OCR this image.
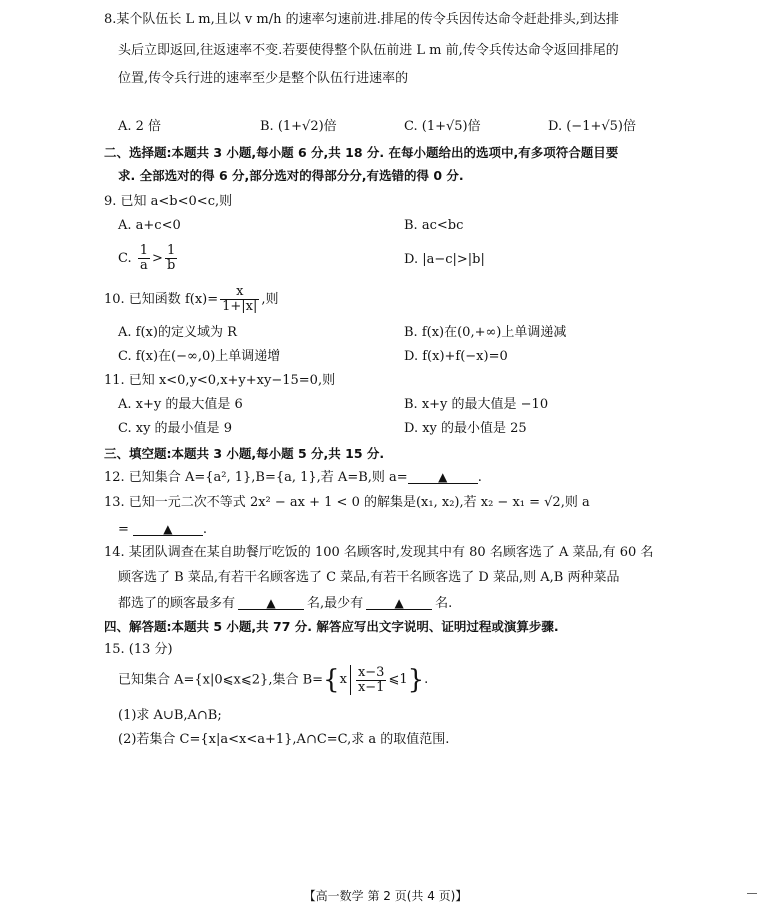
8.某个队伍长 L m,且以 v m/h 的速率匀速前进.排尾的传令兵因传达命令赶赴排头,到达排
头后立即返回,往返速率不变.若要使得整个队伍前进 L m 前,传令兵传达命令返回排尾的
位置,传令兵行进的速率至少是整个队伍行进速率的
A. 2 倍	B. (1+√2)倍	C. (1+√5)倍	D. (−1+√5)倍
二、选择题:本题共 3 小题,每小题 6 分,共 18 分. 在每小题给出的选项中,有多项符合题目要
求. 全部选对的得 6 分,部分选对的得部分分,有选错的得 0 分.
9. 已知 a<b<0<c,则
A. a+c<0	B. ac<bc
C. $\frac{1}{a} > \frac{1}{b}$	D. |a−c|>|b|
10. 已知函数 $f(x)= \frac{x}{1+|x|}$ ,则
A. f(x)的定义域为 R	B. f(x)在(0,+∞)上单调递减
C. f(x)在(−∞,0)上单调递增	D. f(x)+f(−x)=0
11. 已知 x<0,y<0,x+y+xy−15=0,则
A. x+y 的最大值是 6	B. x+y 的最大值是 −10
C. xy 的最小值是 9	D. xy 的最小值是 25
三、填空题:本题共 3 小题,每小题 5 分,共 15 分.
12. 已知集合 A={a², 1},B={a, 1},若 A=B,则 a=	▲ .
13. 已知一元二次不等式 2x² − ax + 1 < 0 的解集是(x₁, x₂),若 x₂ − x₁ = √2,则 a
=	▲ .
14. 某团队调查在某自助餐厅吃饭的 100 名顾客时,发现其中有 80 名顾客选了 A 菜品,有 60 名
顾客选了 B 菜品,有若干名顾客选了 C 菜品,有若干名顾客选了 D 菜品,则 A,B 两种菜品
都选了的顾客最多有	▲ 名,最少有	▲ 名.
四、解答题:本题共 5 小题,共 77 分. 解答应写出文字说明、证明过程或演算步骤.
15. (13 分)
已知集合 A={x|0⩽x⩽2},集合 $B=\{x \frac{x-3}{x-1}$ ⩽1}.
(1)求 A∪B,A∩B;
(2)若集合 C={x|a<x<a+1},A∩C=C,求 a 的取值范围.
【高一数学 第 2 页(共 4 页)】
